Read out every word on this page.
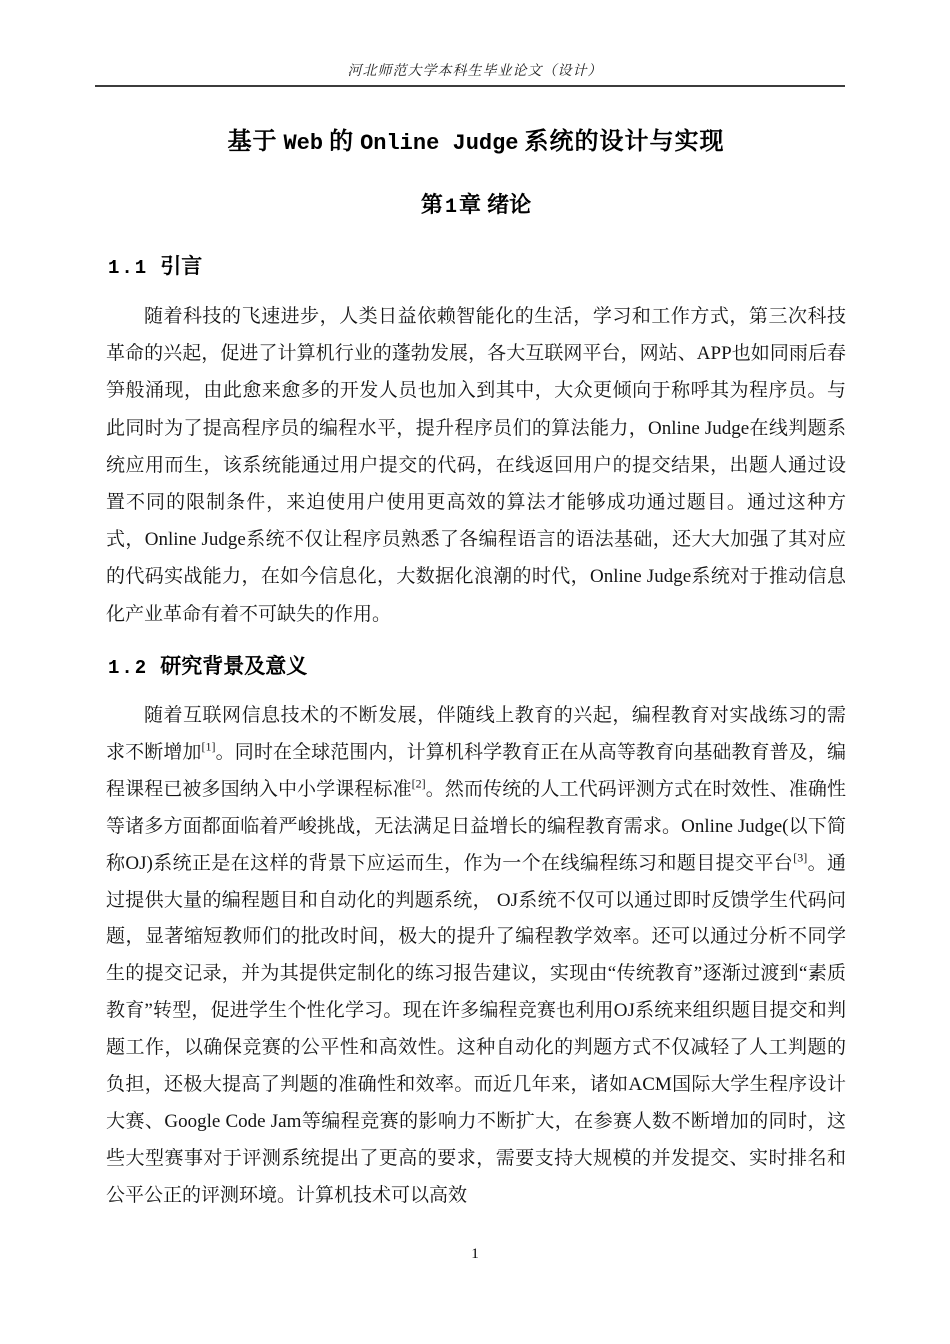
河北师范大学本科生毕业论文（设计）
基于 Web 的 Online Judge 系统的设计与实现
第 1章 绪论
1.1 引言

随着科技的飞速进步，人类日益依赖智能化的生活，学习和工作方式，第三次科技革命的兴起，促进了计算机行业的蓬勃发展，各大互联网平台，网站、APP也如同雨后春笋般涌现，由此愈来愈多的开发人员也加入到其中，大众更倾向于称呼其为程序员。与此同时为了提高程序员的编程水平，提升程序员们的算法能力，Online Judge在线判题系统应用而生，该系统能通过用户提交的代码，在线返回用户的提交结果，出题人通过设置不同的限制条件，来迫使用户使用更高效的算法才能够成功通过题目。通过这种方式，Online Judge系统不仅让程序员熟悉了各编程语言的语法基础，还大大加强了其对应的代码实战能力，在如今信息化，大数据化浪潮的时代，Online Judge系统对于推动信息化产业革命有着不可缺失的作用。

1.2 研究背景及意义

随着互联网信息技术的不断发展，伴随线上教育的兴起，编程教育对实战练习的需求不断增加[1]。同时在全球范围内，计算机科学教育正在从高等教育向基础教育普及，编程课程已被多国纳入中小学课程标准[2]。然而传统的人工代码评测方式在时效性、准确性等诸多方面都面临着严峻挑战，无法满足日益增长的编程教育需求。Online Judge(以下简称OJ)系统正是在这样的背景下应运而生，作为一个在线编程练习和题目提交平台[3]。通过提供大量的编程题目和自动化的判题系统， OJ系统不仅可以通过即时反馈学生代码问题，显著缩短教师们的批改时间，极大的提升了编程教学效率。还可以通过分析不同学生的提交记录，并为其提供定制化的练习报告建议，实现由“传统教育”逐渐过渡到“素质教育”转型，促进学生个性化学习。现在许多编程竞赛也利用OJ系统来组织题目提交和判题工作，以确保竞赛的公平性和高效性。这种自动化的判题方式不仅减轻了人工判题的负担，还极大提高了判题的准确性和效率。而近几年来，诸如ACM国际大学生程序设计大赛、Google Code Jam等编程竞赛的影响力不断扩大，在参赛人数不断增加的同时，这些大型赛事对于评测系统提出了更高的要求，需要支持大规模的并发提交、实时排名和公平公正的评测环境。计算机技术可以高效

1
